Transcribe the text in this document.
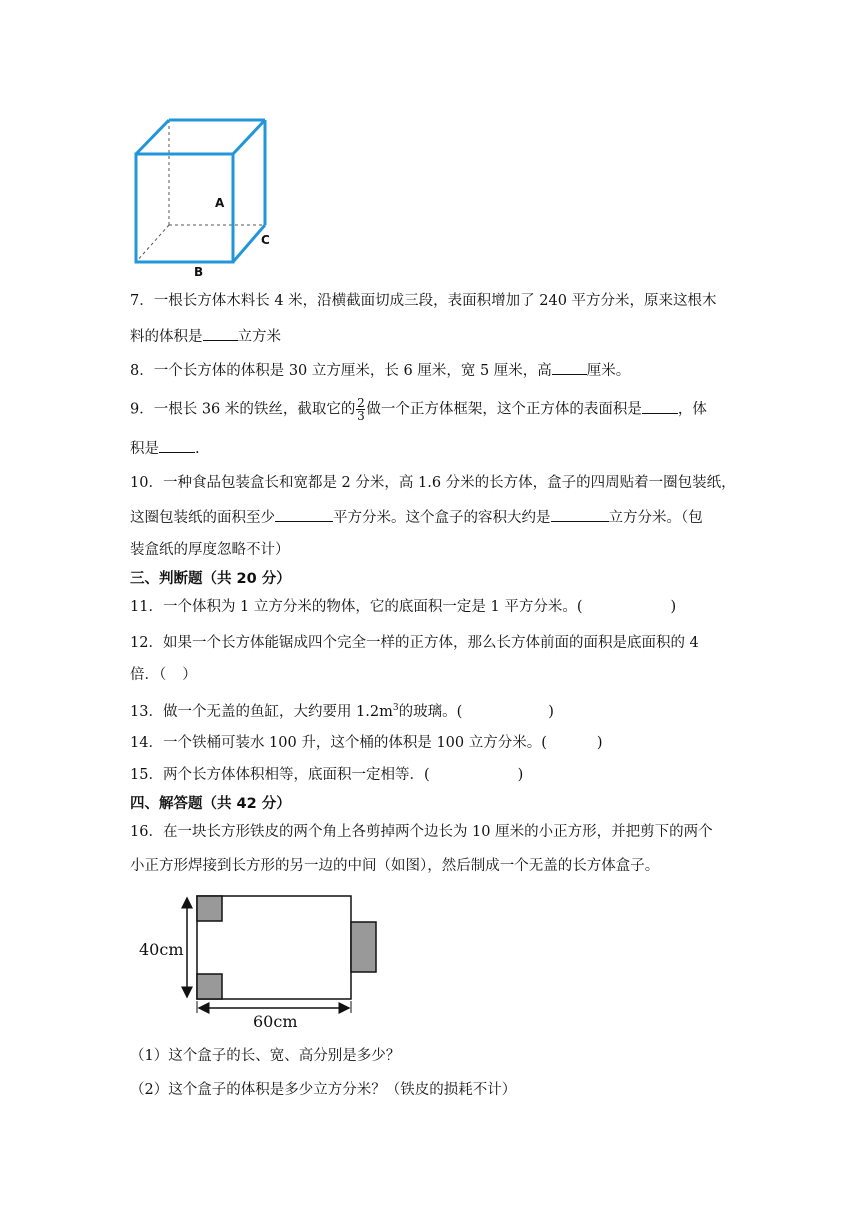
A
C
B
7．一根长方体木料长 4 米，沿横截面切成三段，表面积增加了 240 平方分米，原来这根木
料的体积是 立方米
8．一个长方体的体积是 30 立方厘米，长 6 厘米，宽 5 厘米，高 厘米。
9．一根长 36 米的铁丝，截取它的 $\frac{2}{3}$ 做一个正方体框架，这个正方体的表面积是 ，体
积是 .
10．一种食品包装盒长和宽都是 2 分米，高 1.6 分米的长方体，盒子的四周贴着一圈包装纸，
这圈包装纸的面积至少	平方分米。这个盒子的容积大约是	立方分米。（包
装盒纸的厚度忽略不计）
三、判断题（共 20 分）
11．一个体积为 1 立方分米的物体，它的底面积一定是 1 平方分米。(	)
12．如果一个长方体能锯成四个完全一样的正方体，那么长方体前面的面积是底面积的 4
倍．（ ）
13．做一个无盖的鱼缸，大约要用 $1.2m^3$的玻璃。(	)
14．一个铁桶可装水 100 升，这个桶的体积是 100 立方分米。(	)
15．两个长方体体积相等，底面积一定相等．(	)
四、解答题（共 42 分）
16．在一块长方形铁皮的两个角上各剪掉两个边长为 10 厘米的小正方形，并把剪下的两个
小正方形焊接到长方形的另一边的中间（如图），然后制成一个无盖的长方体盒子。
40cm
60cm
（1）这个盒子的长、宽、高分别是多少？
（2）这个盒子的体积是多少立方分米？（铁皮的损耗不计）
